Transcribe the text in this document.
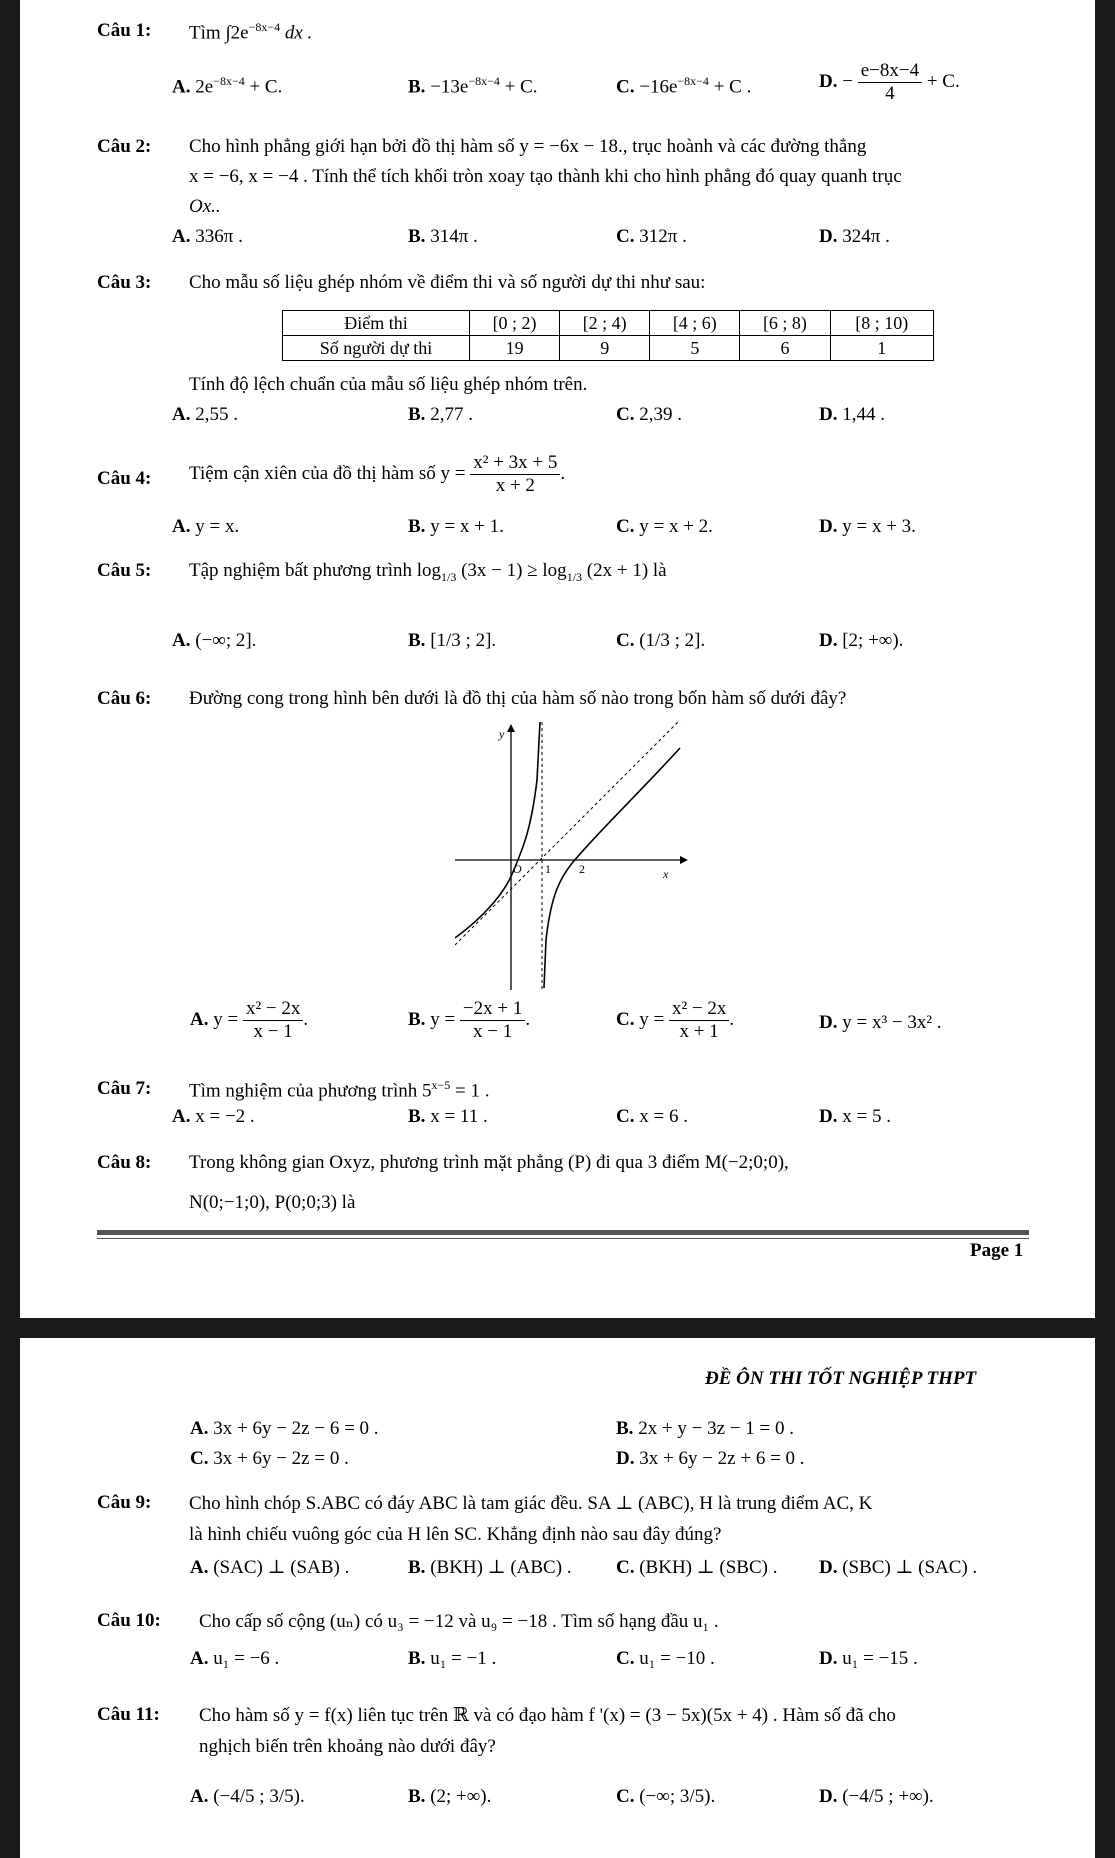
Câu 1: Tìm $\int 2e^{-8x-4}$ dx .
A. $2e^{-8x-4} + C$.	B. $-13e^{-8x-4} + C$.	C. $-16e^{-8x-4} + C$ .	D. − $\frac{e-8x-4}{4} + C$.
Câu 2: Cho hình phẳng giới hạn bởi đồ thị hàm số y = −6x − 18., trục hoành và các đường thẳng
x = −6, x = −4 . Tính thể tích khối tròn xoay tạo thành khi cho hình phẳng đó quay quanh trục
Ox..
A. 336π .	B. 314π .	C. 312π .	D. 324π .
Câu 3: Cho mẫu số liệu ghép nhóm về điểm thi và số người dự thi như sau:
Điểm thi	[0 ; 2)	[2 ; 4)	[4 ; 6)	[6 ; 8)	[8 ; 10)
Số người dự thi	19	9	5	6	1
Tính độ lệch chuẩn của mẫu số liệu ghép nhóm trên.
A. 2,55 .	B. 2,77 .	C. 2,39 .	D. 1,44 .
Câu 4: Tiệm cận xiên của đồ thị hàm số $y = \frac{\text{x² + 3x + 5}}{x + 2}$ .
A. y = x.	B. y = x + 1.	C. y = x + 2.	D. y = x + 3.
Câu 5: Tập nghiệm bất phương trình $\log_{1/3} (3x - 1) \ge \log_{1/3} (2x + 1)$ là
A. (−∞; 2].	B. [1/3 ; 2].	C. (1/3 ; 2].	D. [2; +∞).
Câu 6: Đường cong trong hình bên dưới là đồ thị của hàm số nào trong bốn hàm số dưới đây?
y
x
O 1 2
A. $y = \frac{\text{x² − 2x}}{x - 1}$ .	B. $y = \frac{-2x + 1}{x - 1}$ .	C. $y = \frac{\text{x² − 2x}}{x + 1}$ .	D. y = x³ − 3x² .
Câu 7: Tìm nghiệm của phương trình $5^{x-5} = 1$ .
A. x = −2 .	B. x = 11 .	C. x = 6 .	D. x = 5 .
Câu 8: Trong không gian Oxyz, phương trình mặt phẳng (P) đi qua 3 điểm M(−2;0;0),
N(0;−1;0), P(0;0;3) là
Page 1
ĐỀ ÔN THI TỐT NGHIỆP THPT
A. 3x + 6y − 2z − 6 = 0 .	B. 2x + y − 3z − 1 = 0 .
C. 3x + 6y − 2z = 0 .	D. 3x + 6y − 2z + 6 = 0 .
Câu 9: Cho hình chóp S.ABC có đáy ABC là tam giác đều. SA ⊥ (ABC), H là trung điểm AC, K
là hình chiếu vuông góc của H lên SC. Khẳng định nào sau đây đúng?
A. (SAC) ⊥ (SAB) .	B. (BKH) ⊥ (ABC) . C. (BKH) ⊥ (SBC) . D. (SBC) ⊥ (SAC) .
Câu 10: Cho cấp số cộng (uₙ) có u₃ = −12 và u₉ = −18 . Tìm số hạng đầu u₁ .
A. u₁ = −6 .	B. u₁ = −1 .	C. u₁ = −10 .	D. u₁ = −15 .
Câu 11: Cho hàm số y = f(x) liên tục trên ℝ và có đạo hàm f '(x) = (3 − 5x)(5x + 4) . Hàm số đã cho
nghịch biến trên khoảng nào dưới đây?
A. (−4/5 ; 3/5).	B. (2; +∞).	C. (−∞; 3/5).	D. (−4/5 ; +∞).
